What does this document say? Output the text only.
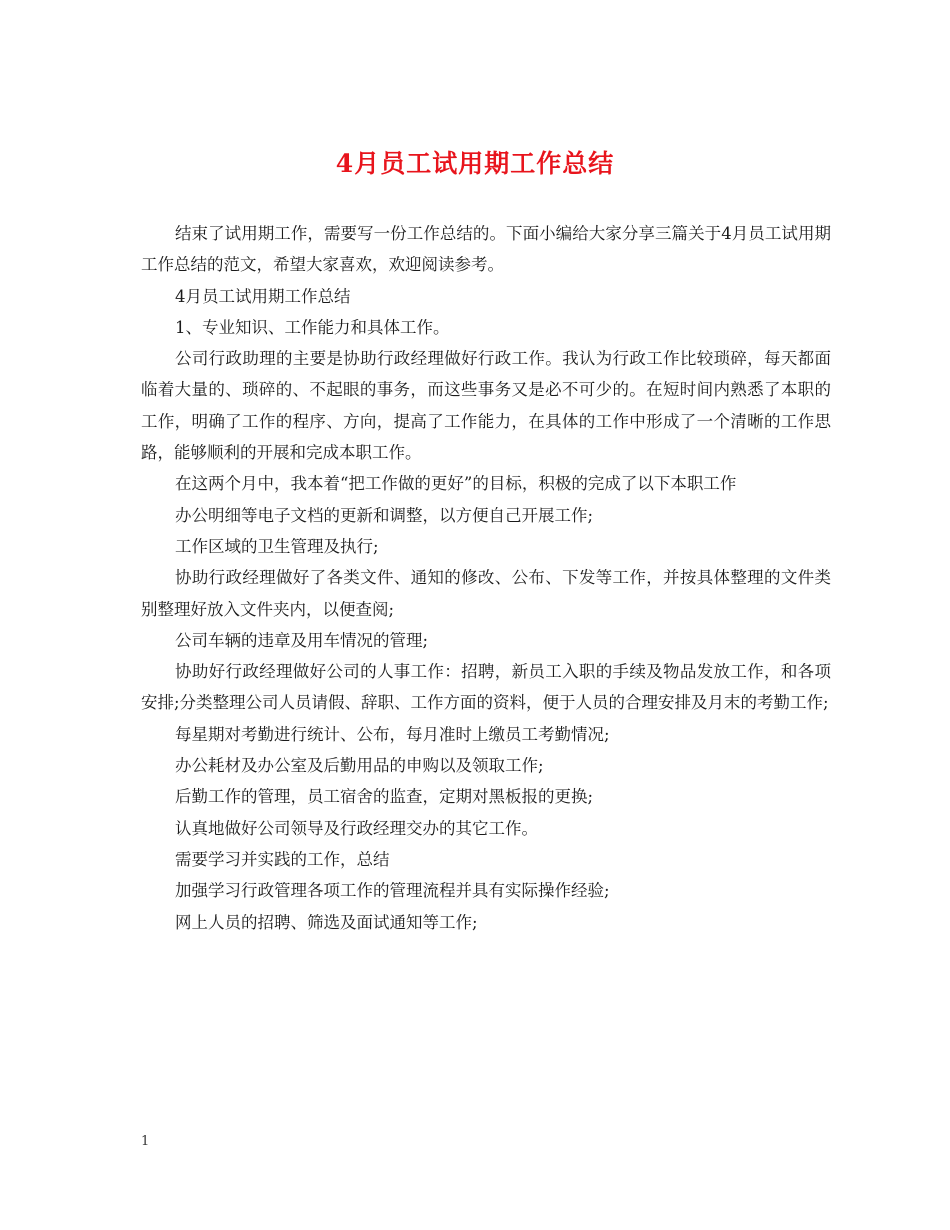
4月员工试用期工作总结

结束了试用期工作，需要写一份工作总结的。下面小编给大家分享三篇关于4月员工试用期工作总结的范文，希望大家喜欢，欢迎阅读参考。

4月员工试用期工作总结

1、专业知识、工作能力和具体工作。

公司行政助理的主要是协助行政经理做好行政工作。我认为行政工作比较琐碎，每天都面临着大量的、琐碎的、不起眼的事务，而这些事务又是必不可少的。在短时间内熟悉了本职的工作，明确了工作的程序、方向，提高了工作能力，在具体的工作中形成了一个清晰的工作思路，能够顺利的开展和完成本职工作。

在这两个月中，我本着“把工作做的更好”的目标，积极的完成了以下本职工作

办公明细等电子文档的更新和调整，以方便自己开展工作;

工作区域的卫生管理及执行;

协助行政经理做好了各类文件、通知的修改、公布、下发等工作，并按具体整理的文件类别整理好放入文件夹内，以便查阅;

公司车辆的违章及用车情况的管理;

协助好行政经理做好公司的人事工作：招聘，新员工入职的手续及物品发放工作，和各项安排;分类整理公司人员请假、辞职、工作方面的资料，便于人员的合理安排及月末的考勤工作;

每星期对考勤进行统计、公布，每月准时上缴员工考勤情况;

办公耗材及办公室及后勤用品的申购以及领取工作;

后勤工作的管理，员工宿舍的监查，定期对黑板报的更换;

认真地做好公司领导及行政经理交办的其它工作。

需要学习并实践的工作，总结

加强学习行政管理各项工作的管理流程并具有实际操作经验;

网上人员的招聘、筛选及面试通知等工作;

1
